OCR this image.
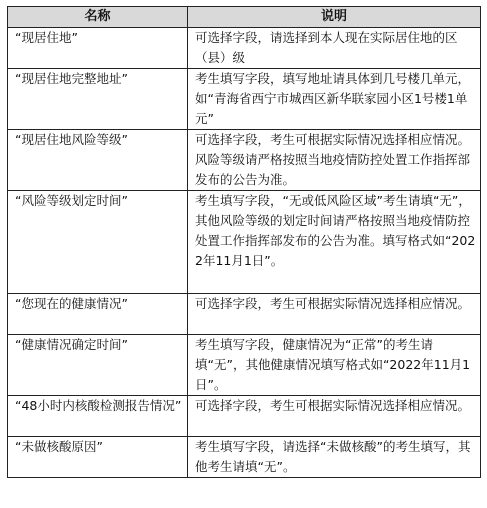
名称	说明
“现居住地”	可选择字段，请选择到本人现在实际居住地的区（县）级
“现居住地完整地址”	考生填写字段，填写地址请具体到几号楼几单元，如“青海省西宁市城西区新华联家园小区1号楼1单元”
“现居住地风险等级”	可选择字段，考生可根据实际情况选择相应情况。风险等级请严格按照当地疫情防控处置工作指挥部发布的公告为准。
“风险等级划定时间”	考生填写字段，“无或低风险区域”考生请填“无”，其他风险等级的划定时间请严格按照当地疫情防控处置工作指挥部发布的公告为准。填写格式如“2022年11月1日”。
“您现在的健康情况”	可选择字段，考生可根据实际情况选择相应情况。
“健康情况确定时间”	考生填写字段，健康情况为“正常”的考生请填“无”，其他健康情况填写格式如“2022年11月1日”。
“48小时内核酸检测报告情况”	可选择字段，考生可根据实际情况选择相应情况。
“未做核酸原因”	考生填写字段，请选择“未做核酸”的考生填写，其他考生请填“无”。
